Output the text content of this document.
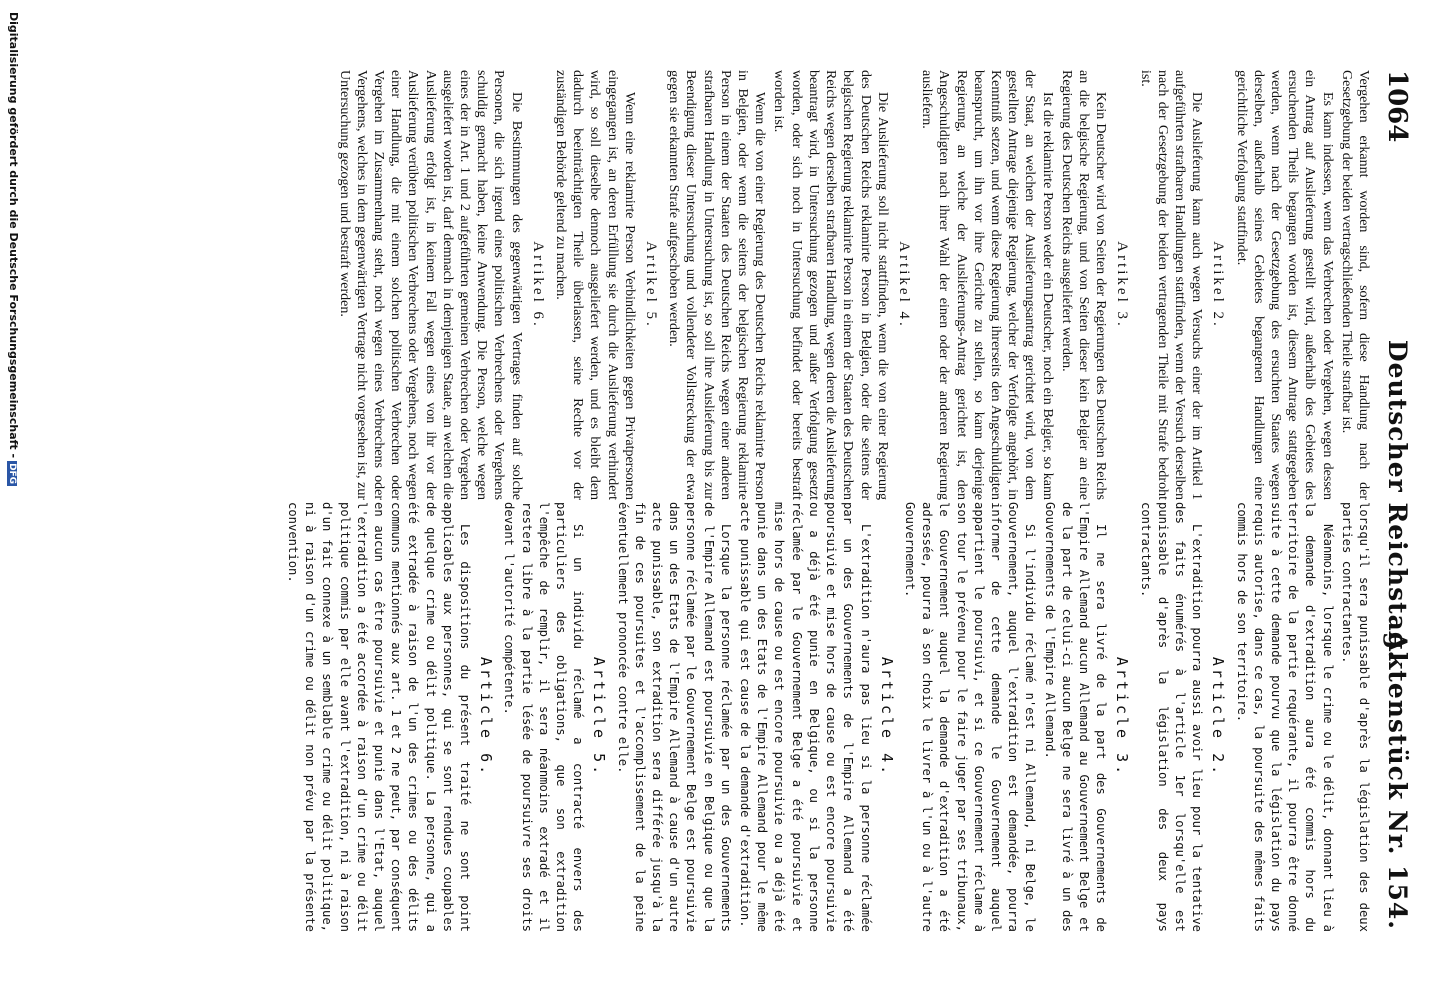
1064
Deutscher Reichstag.
Aktenstück Nr. 154.

Vergehen erkannt worden sind, sofern diese Handlung nach der Gesetzgebung der beiden vertragschließenden Theile strafbar ist.

Es kann indessen, wenn das Verbrechen oder Vergehen, wegen dessen ein Antrag auf Auslieferung gestellt wird, außerhalb des Gebietes des ersuchenden Theils begangen worden ist, diesem Antrage stattgegeben werden, wenn nach der Gesetzgebung des ersuchten Staates wegen derselben, außerhalb seines Gebietes begangenen Handlungen eine gerichtliche Verfolgung stattfindet.

Artikel 2.

Die Auslieferung kann auch wegen Versuchs einer der im Artikel 1 aufgeführten strafbaren Handlungen stattfinden, wenn der Versuch derselben nach der Gesetzgebung der beiden vertragenden Theile mit Strafe bedroht ist.

Artikel 3.

Kein Deutscher wird von Seiten der Regierungen des Deutschen Reichs an die belgische Regierung, und von Seiten dieser kein Belgier an eine Regierung des Deutschen Reichs ausgeliefert werden.

Ist die reklamirte Person weder ein Deutscher, noch ein Belgier, so kann der Staat, an welchen der Auslieferungsantrag gerichtet wird, von dem gestellten Antrage diejenige Regierung, welcher der Verfolgte angehört, in Kenntniß setzen, und wenn diese Regierung ihrerseits den Angeschuldigten beansprucht, um ihn vor ihre Gerichte zu stellen, so kann derjenige Regierung, an welche der Auslieferungs-Antrag gerichtet ist, den Angeschuldigten nach ihrer Wahl der einen oder der anderen Regierung ausliefern.

Artikel 4.

Die Auslieferung soll nicht stattfinden, wenn die von einer Regierung des Deutschen Reichs reklamirte Person in Belgien, oder die seitens der belgischen Regierung reklamirte Person in einem der Staaten des Deutschen Reichs wegen derselben strafbaren Handlung, wegen deren die Auslieferung beantragt wird, in Untersuchung gezogen und außer Verfolgung gesetzt worden, oder sich noch in Untersuchung befindet oder bereits bestraft worden ist.

Wenn die von einer Regierung des Deutschen Reichs reklamirte Person in Belgien, oder wenn die seitens der belgischen Regierung reklamirte Person in einem der Staaten des Deutschen Reichs wegen einer anderen strafbaren Handlung in Untersuchung ist, so soll ihre Auslieferung bis zur Beendigung dieser Untersuchung und vollendeter Vollstreckung der etwa gegen sie erkannten Strafe aufgeschoben werden.

Artikel 5.

Wenn eine reklamirte Person Verbindlichkeiten gegen Privatpersonen eingegangen ist, an deren Erfüllung sie durch die Auslieferung verhindert wird, so soll dieselbe dennoch ausgeliefert werden, und es bleibt dem dadurch beeinträchtigten Theile überlassen, seine Rechte vor der zuständigen Behörde geltend zu machen.

Artikel 6.

Die Bestimmungen des gegenwärtigen Vertrages finden auf solche Personen, die sich irgend eines politischen Verbrechens oder Vergehens schuldig gemacht haben, keine Anwendung. Die Person, welche wegen eines der in Art. 1 und 2 aufgeführten gemeinen Verbrechen oder Vergehen ausgeliefert worden ist, darf demnach in demjenigen Staate, an welchen die Auslieferung erfolgt ist, in keinem Fall wegen eines von ihr vor der Auslieferung verübten politischen Verbrechens oder Vergehens, noch wegen einer Handlung, die mit einem solchen politischen Verbrechen oder Vergehen im Zusammenhang steht, noch wegen eines Verbrechens oder Vergehens, welches in dem gegenwärtigen Vertrage nicht vorgesehen ist, zur Untersuchung gezogen und bestraft werden.

lorsqu'il sera punissable d'après la législation des deux parties contractantes.

Néanmoins, lorsque le crime ou le délit, donnant lieu à la demande d'extradition aura été commis hors du territoire de la partie requérante, il pourra être donné suite à cette demande pourvu que la législation du pays requis autorise, dans ce cas, la poursuite des mêmes faits commis hors de son territoire.

Article 2.

L'extradition pourra aussi avoir lieu pour la tentative des faits énumérés à l'article 1er lorsqu'elle est punissable d'après la législation des deux pays contractants.

Article 3.

Il ne sera livré de la part des Gouvernements de l'Empire Allemand aucun Allemand au Gouvernement Belge et de la part de celui-ci aucun Belge ne sera livré à un des Gouvernements de l'Empire Allemand.

Si l'individu réclamé n'est ni Allemand, ni Belge, le Gouvernement, auquel l'extradition est demandée, pourra informer de cette demande le Gouvernement auquel appartient le poursuivi, et si ce Gouvernement réclame à son tour le prévenu pour le faire juger par ses tribunaux, le Gouvernement auquel la demande d'extradition a été adressée, pourra à son choix le livrer à l'un ou à l'autre Gouvernement.

Article 4.

L'extradition n'aura pas lieu si la personne réclamée par un des Gouvernements de l'Empire Allemand a été poursuivie et mise hors de cause ou est encore poursuivie ou a déjà été punie en Belgique, ou si la personne réclamée par le Gouvernement Belge a été poursuivie et mise hors de cause ou est encore poursuivie ou a déjà été punie dans un des Etats de l'Empire Allemand pour le même acte punissable qui est cause de la demande d'extradition.

Lorsque la personne réclamée par un des Gouvernements de l'Empire Allemand est poursuivie en Belgique ou que la personne réclamée par le Gouvernement Belge est poursuivie dans un des Etats de l'Empire Allemand à cause d'un autre acte punissable, son extradition sera différée jusqu'à la fin de ces poursuites et l'accomplissement de la peine éventuellement prononcée contre elle.

Article 5.

Si un individu réclamé a contracté envers des particuliers des obligations, que son extradition l'empêche de remplir, il sera néanmoins extradé et il restera libre à la partie lésée de poursuivre ses droits devant l'autorité compétente.

Article 6.

Les dispositions du présent traité ne sont point applicables aux personnes, qui se sont rendues coupables de quelque crime ou délit politique. La personne, qui a été extradée à raison de l'un des crimes ou des délits communs mentionnés aux art. 1 et 2 ne peut, par conséquent en aucun cas être poursuivie et punie dans l'Etat, auquel l'extradition a été accordée à raison d'un crime ou délit politique commis par elle avant l'extradition, ni à raison d'un fait connexe à un semblable crime ou délit politique, ni à raison d'un crime ou délit non prévu par la présente convention.

Digitalisierung gefördert durch die Deutsche Forschungsgemeinschaft -DFG
